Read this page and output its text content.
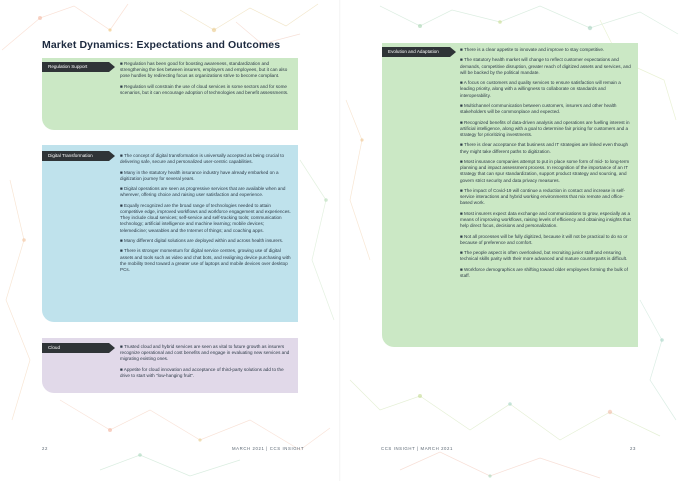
Market Dynamics: Expectations and Outcomes
Regulation Support

■ Regulation has been good for boosting awareness, standardization and strengthening the ties between insurers, employers and employees, but it can also pose hurdles by redirecting focus as organizations strive to become compliant.

■ Regulation will constrain the use of cloud services in some sectors and for some scenarios, but it can encourage adoption of technologies and benefit assessments.

Digital Transformation	■ The concept of digital transformation is universally accepted as being crucial to delivering safe, secure and personalized user-centric capabilities.

■ Many in the statutory health insurance industry have already embarked on a digitization journey for several years.

■ Digital operations are seen as progressive services that are available when and wherever, offering choice and raising user satisfaction and experience.

■ Equally recognized are the broad range of technologies needed to attain competitive edge, improved workflows and workforce engagement and experiences. They include cloud services; self-service and self-tracking tools; communication technology; artificial intelligence and machine learning; mobile devices; telemedicine; wearables and the Internet of things; and coaching apps.

■ Many different digital solutions are deployed within and across health insurers.

■ There is stronger momentum for digital service centres, growing use of digital assets and tools such as video and chat bots, and realigning device purchasing with the mobility trend toward a greater use of laptops and mobile devices over desktop PCs.

Cloud	■ Trusted cloud and hybrid services are seen as vital to future growth as insurers recognize operational and cost benefits and engage in evaluating new services and migrating existing ones.

■ Appetite for cloud innovation and acceptance of third-party solutions add to the drive to start with "low-hanging fruit".

Evolution and Adaptation	■ There is a clear appetite to innovate and improve to stay competitive.

■ The statutory health market will change to reflect customer expectations and demands, competitive disruption, greater reach of digitized assets and services, and will be backed by the political mandate.

■ A focus on customers and quality services to ensure satisfaction will remain a leading priority, along with a willingness to collaborate on standards and interoperability.

■ Multichannel communication between customers, insurers and other health stakeholders will be commonplace and expected.

■ Recognized benefits of data-driven analysis and operations are fuelling interest in artificial intelligence, along with a goal to determine fair pricing for customers and a strategy for prioritizing investments.

■ There is clear acceptance that business and IT strategies are linked even though they might take different paths to digitization.

■ Most insurance companies attempt to put in place some form of mid- to long-term planning and impact assessment process. In recognition of the importance of an IT strategy that can spur standardization, support product strategy and sourcing, and govern strict security and data privacy measures.

■ The impact of Covid-19 will continue a reduction in contact and increase in self-service interactions and hybrid working environments that mix remote and office-based work.

■ Most insurers expect data exchange and communications to grow, especially as a means of improving workflows, raising levels of efficiency and obtaining insights that help direct focus, decisions and personalization.

■ Not all processes will be fully digitized, because it will not be practical to do so or because of preference and comfort.

■ The people aspect is often overlooked, but recruiting junior staff and ensuring technical skills parity with their more advanced and mature counterparts is difficult.

■ Workforce demographics are shifting toward older employees forming the bulk of staff.

22	MARCH 2021 | CCS INSIGHT	CCS INSIGHT | MARCH 2021	23
